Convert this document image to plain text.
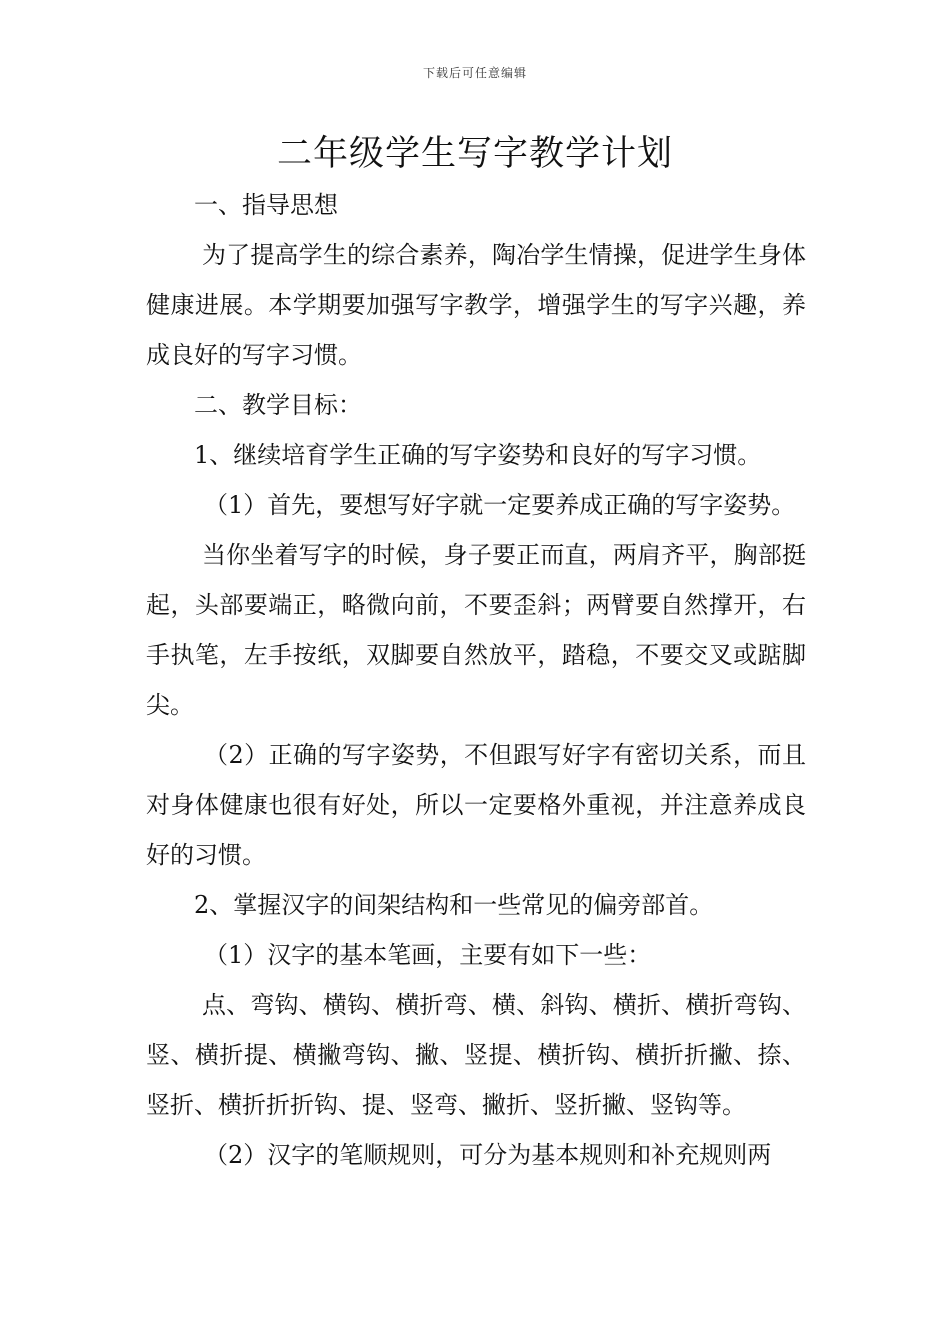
下载后可任意编辑
二年级学生写字教学计划

一、指导思想

为了提高学生的综合素养，陶冶学生情操，促进学生身体健康进展。本学期要加强写字教学，增强学生的写字兴趣，养成良好的写字习惯。

二、教学目标：

1、继续培育学生正确的写字姿势和良好的写字习惯。

（1）首先，要想写好字就一定要养成正确的写字姿势。

当你坐着写字的时候，身子要正而直，两肩齐平，胸部挺起，头部要端正，略微向前，不要歪斜；两臂要自然撑开，右手执笔，左手按纸，双脚要自然放平，踏稳，不要交叉或踮脚尖。

（2）正确的写字姿势，不但跟写好字有密切关系，而且对身体健康也很有好处，所以一定要格外重视，并注意养成良好的习惯。

2、掌握汉字的间架结构和一些常见的偏旁部首。

（1）汉字的基本笔画，主要有如下一些：

点、弯钩、横钩、横折弯、横、斜钩、横折、横折弯钩、竖、横折提、横撇弯钩、撇、竖提、横折钩、横折折撇、捺、竖折、横折折折钩、提、竖弯、撇折、竖折撇、竖钩等。

（2）汉字的笔顺规则，可分为基本规则和补充规则两
